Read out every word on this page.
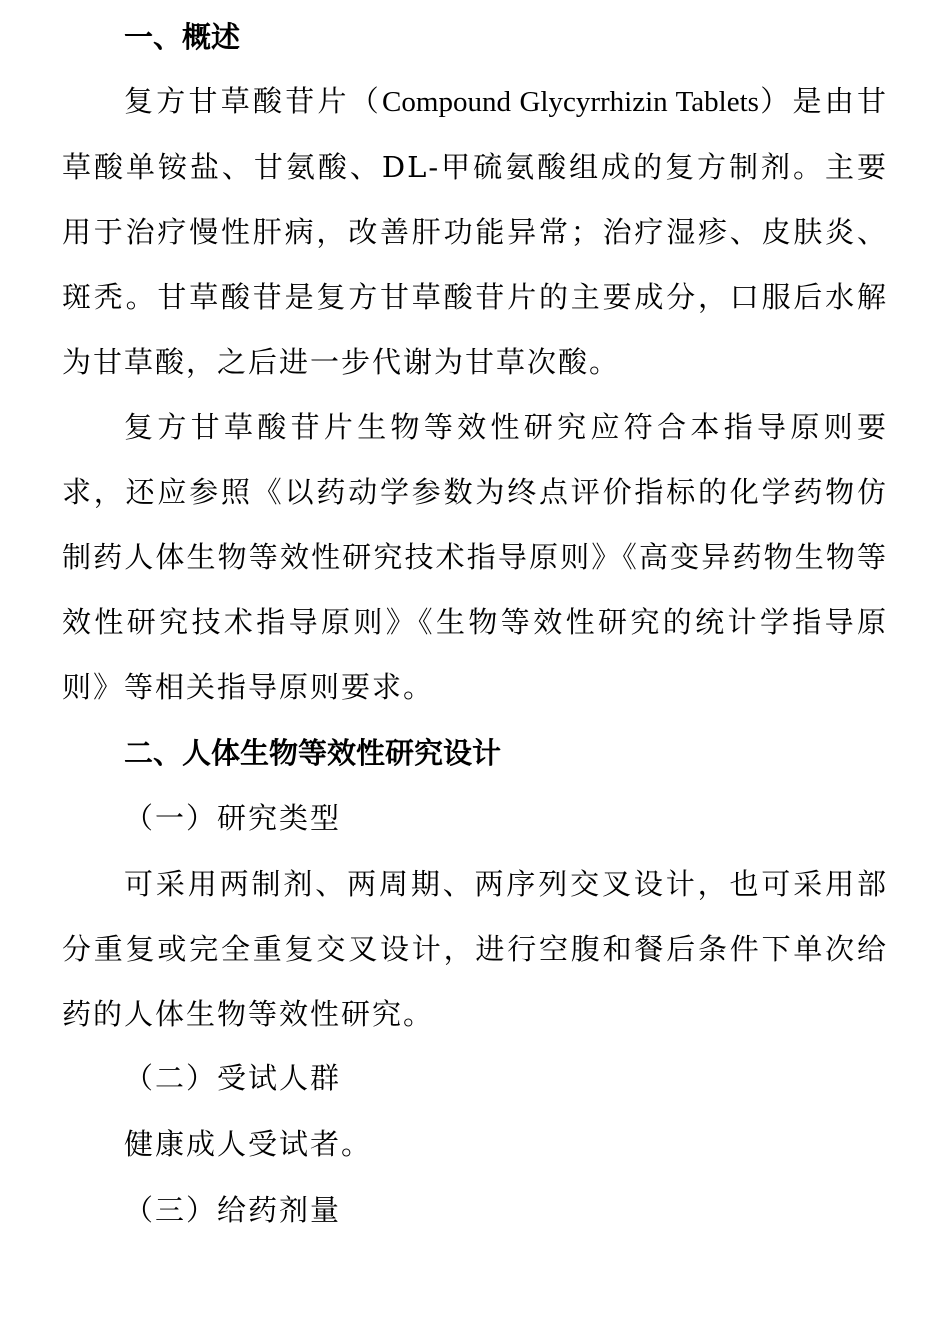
一、概述

复方甘草酸苷片（Compound Glycyrrhizin Tablets）是由甘草酸单铵盐、甘氨酸、DL-甲硫氨酸组成的复方制剂。主要用于治疗慢性肝病，改善肝功能异常；治疗湿疹、皮肤炎、斑秃。甘草酸苷是复方甘草酸苷片的主要成分，口服后水解为甘草酸，之后进一步代谢为甘草次酸。

复方甘草酸苷片生物等效性研究应符合本指导原则要求，还应参照《以药动学参数为终点评价指标的化学药物仿制药人体生物等效性研究技术指导原则》《高变异药物生物等效性研究技术指导原则》《生物等效性研究的统计学指导原则》等相关指导原则要求。

二、人体生物等效性研究设计
（一）研究类型

可采用两制剂、两周期、两序列交叉设计，也可采用部分重复或完全重复交叉设计，进行空腹和餐后条件下单次给药的人体生物等效性研究。

（二）受试人群

健康成人受试者。

（三）给药剂量
